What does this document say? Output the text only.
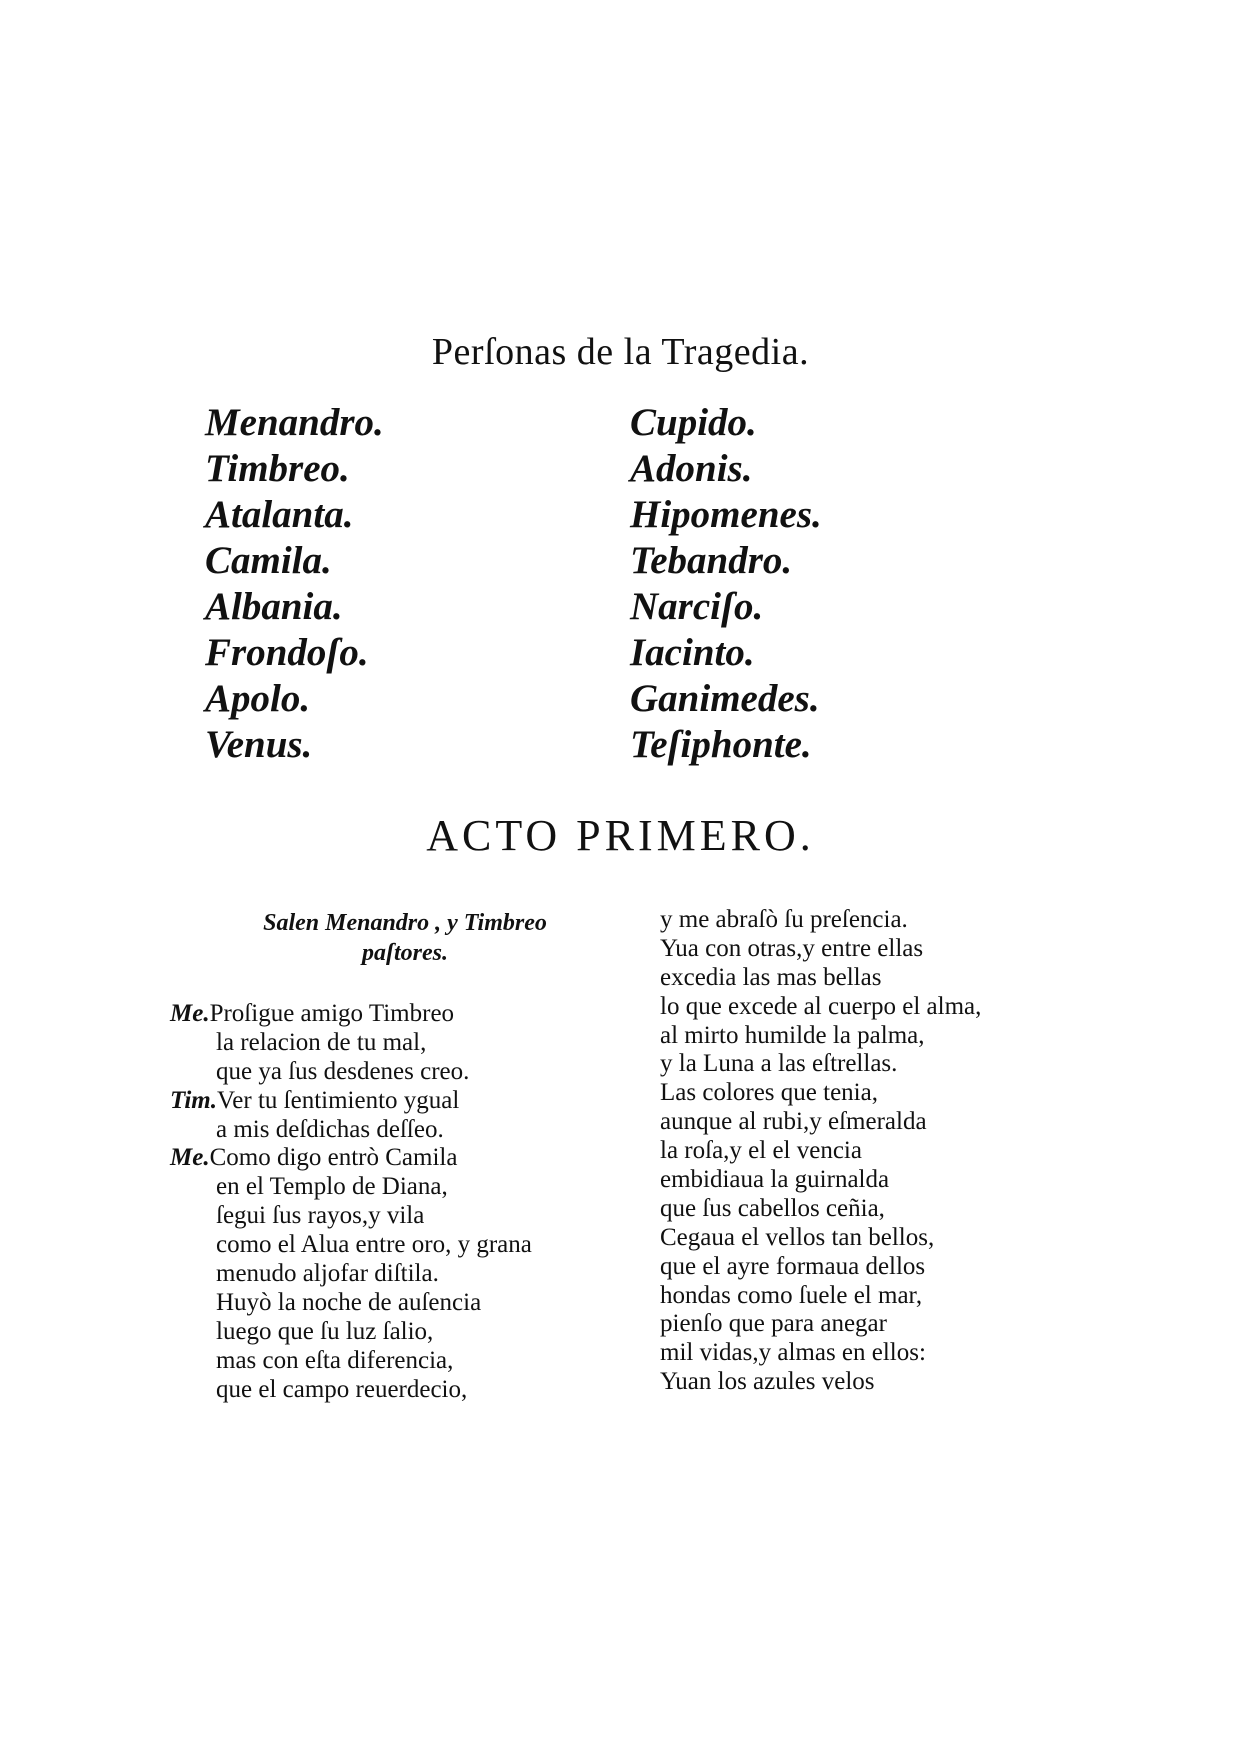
Perſonas de la Tragedia.
Menandro.
Timbreo.
Atalanta.
Camila.
Albania.
Frondoſo.
Apolo.
Venus.
Cupido.
Adonis.
Hipomenes.
Tebandro.
Narciſo.
Iacinto.
Ganimedes.
Teſiphonte.
ACTO PRIMERO.
Salen Menandro , y Timbreo
paſtores.
Me.Proſigue amigo Timbreo
la relacion de tu mal,
que ya ſus desdenes creo.
Tim.Ver tu ſentimiento ygual
a mis deſdichas deſſeo.
Me.Como digo entrò Camila
en el Templo de Diana,
ſegui ſus rayos,y vila
como el Alua entre oro, y grana
menudo aljofar diſtila.
Huyò la noche de auſencia
luego que ſu luz ſalio,
mas con eſta diferencia,
que el campo reuerdecio,
y me abraſò ſu preſencia.
Yua con otras,y entre ellas
excedia las mas bellas
lo que excede al cuerpo el alma,
al mirto humilde la palma,
y la Luna a las eſtrellas.
Las colores que tenia,
aunque al rubi,y eſmeralda
la roſa,y el el vencia
embidiaua la guirnalda
que ſus cabellos ceñia,
Cegaua el vellos tan bellos,
que el ayre formaua dellos
hondas como ſuele el mar,
pienſo que para anegar
mil vidas,y almas en ellos:
Yuan los azules velos
